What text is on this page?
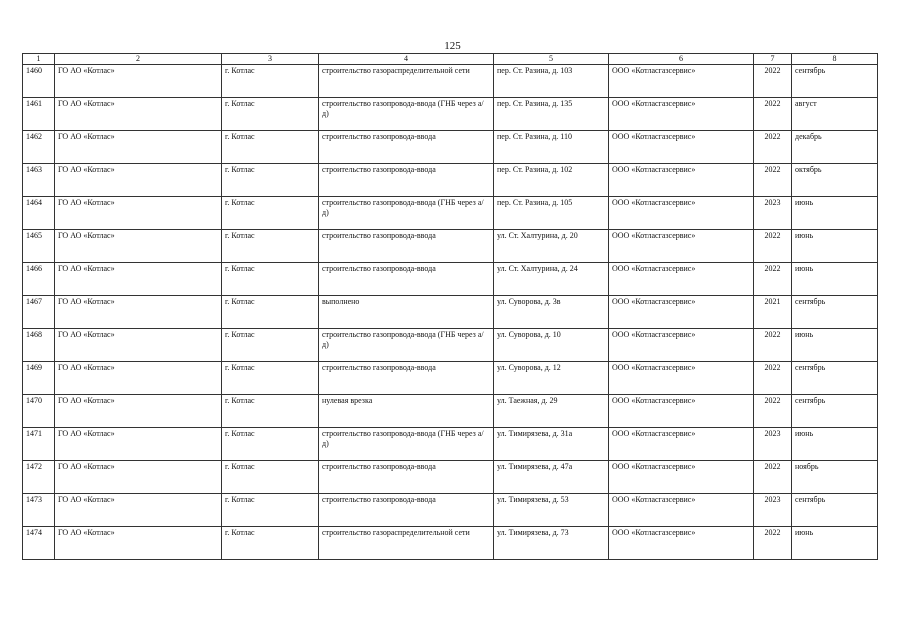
125
1	2	3	4	5	6	7	8
1460	ГО АО «Котлас»	г. Котлас	строительство газораспределительной сети	пер. Ст. Разина, д. 103	ООО «Котласгазсервис»	2022	сентябрь
1461	ГО АО «Котлас»	г. Котлас	строительство газопровода-ввода (ГНБ через а/д)	пер. Ст. Разина, д. 135	ООО «Котласгазсервис»	2022	август
1462	ГО АО «Котлас»	г. Котлас	строительство газопровода-ввода	пер. Ст. Разина, д. 110	ООО «Котласгазсервис»	2022	декабрь
1463	ГО АО «Котлас»	г. Котлас	строительство газопровода-ввода	пер. Ст. Разина, д. 102	ООО «Котласгазсервис»	2022	октябрь
1464	ГО АО «Котлас»	г. Котлас	строительство газопровода-ввода (ГНБ через а/д)	пер. Ст. Разина, д. 105	ООО «Котласгазсервис»	2023	июнь
1465	ГО АО «Котлас»	г. Котлас	строительство газопровода-ввода	ул. Ст. Халтурина, д. 20	ООО «Котласгазсервис»	2022	июнь
1466	ГО АО «Котлас»	г. Котлас	строительство газопровода-ввода	ул. Ст. Халтурина, д. 24	ООО «Котласгазсервис»	2022	июнь
1467	ГО АО «Котлас»	г. Котлас	выполнено	ул. Суворова, д. 3в	ООО «Котласгазсервис»	2021	сентябрь
1468	ГО АО «Котлас»	г. Котлас	строительство газопровода-ввода (ГНБ через а/д)	ул. Суворова, д. 10	ООО «Котласгазсервис»	2022	июнь
1469	ГО АО «Котлас»	г. Котлас	строительство газопровода-ввода	ул. Суворова, д. 12	ООО «Котласгазсервис»	2022	сентябрь
1470	ГО АО «Котлас»	г. Котлас	нулевая врезка	ул. Таежная, д. 29	ООО «Котласгазсервис»	2022	сентябрь
1471	ГО АО «Котлас»	г. Котлас	строительство газопровода-ввода (ГНБ через а/д)	ул. Тимирязева, д. 31а	ООО «Котласгазсервис»	2023	июнь
1472	ГО АО «Котлас»	г. Котлас	строительство газопровода-ввода	ул. Тимирязева, д. 47а	ООО «Котласгазсервис»	2022	ноябрь
1473	ГО АО «Котлас»	г. Котлас	строительство газопровода-ввода	ул. Тимирязева, д. 53	ООО «Котласгазсервис»	2023	сентябрь
1474	ГО АО «Котлас»	г. Котлас	строительство газораспределительной сети	ул. Тимирязева, д. 73	ООО «Котласгазсервис»	2022	июнь
